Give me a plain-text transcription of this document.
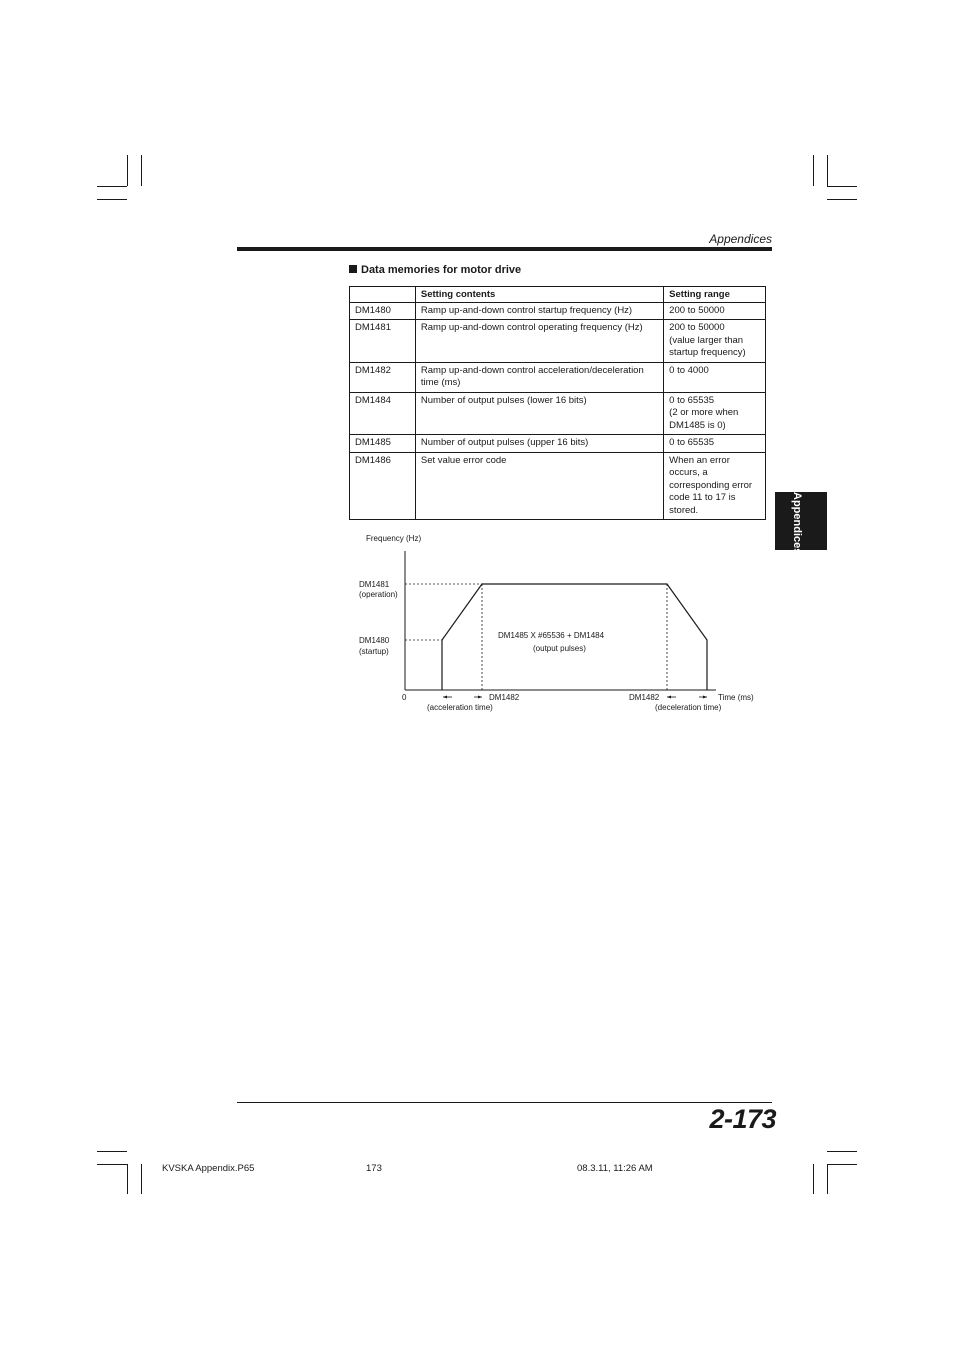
Appendices
Data memories for motor drive
	Setting contents	Setting range
DM1480	Ramp up-and-down control startup frequency (Hz)	200 to 50000

DM1481	Ramp up-and-down control operating frequency (Hz)	200 to 50000
(value larger than
startup frequency)

DM1482	Ramp up-and-down control acceleration/deceleration time (ms)	0 to 4000

DM1484	Number of output pulses (lower 16 bits)	0 to 65535
(2 or more when
DM1485 is 0)

DM1485	Number of output pulses (upper 16 bits)	0 to 65535

DM1486	Set value error code	When an error
occurs, a
corresponding error
code 11 to 17 is
stored.	Appendices
Frequency (Hz)
DM1481
(operation)
DM1480
(startup)
DM1485 X #65536 + DM1484
(output pulses)
0	DM1482
(acceleration time)
DM1482
(deceleration time)
Time (ms)
2-173
KVSKA Appendix.P65	173	08.3.11, 11:26 AM
